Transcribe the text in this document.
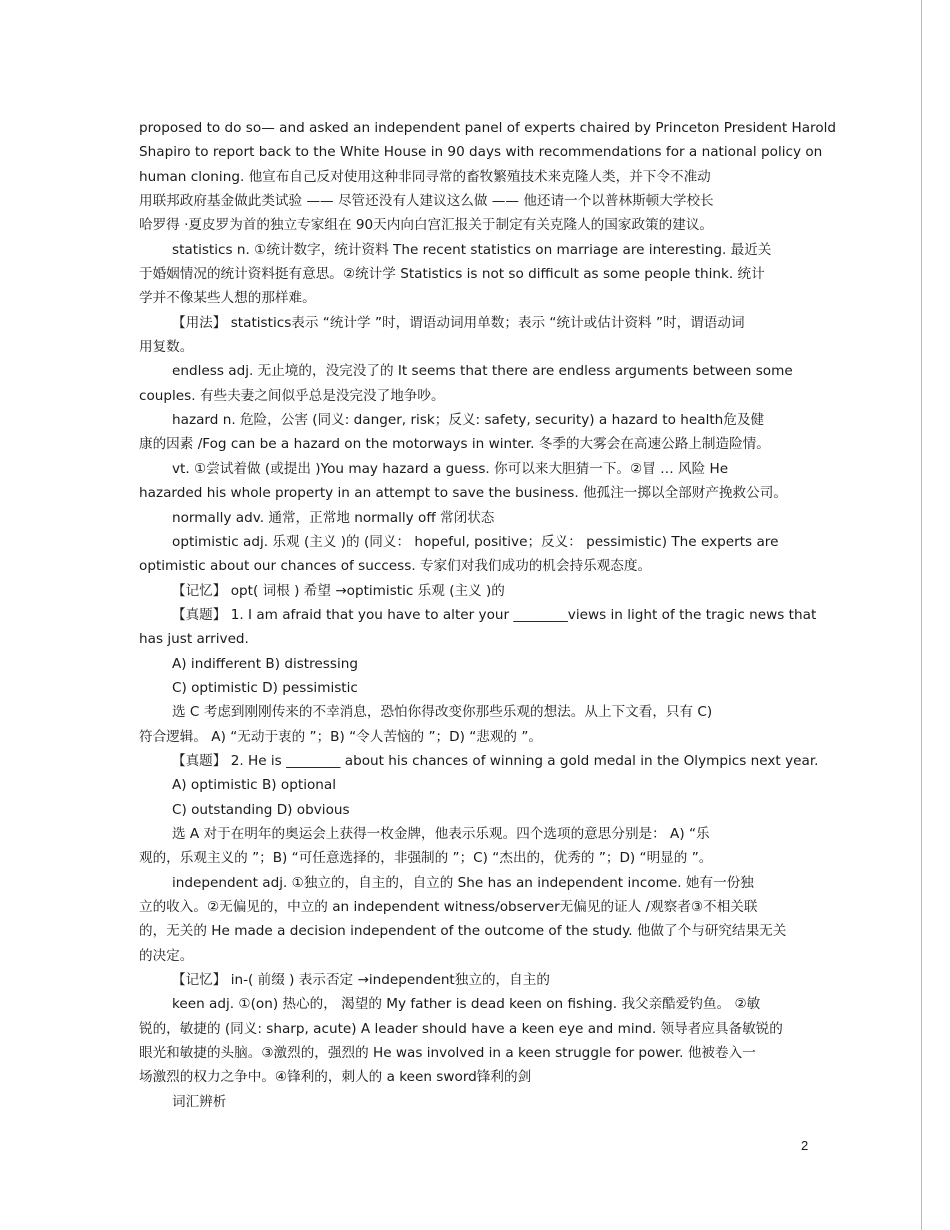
proposed to do so— and asked an independent panel of experts chaired by Princeton President Harold
Shapiro to report back to the White House in 90 days with recommendations for a national policy on
human cloning. 他宣布自己反对使用这种非同寻常的畜牧繁殖技术来克隆人类，并下令不准动
用联邦政府基金做此类试验 —— 尽管还没有人建议这么做 —— 他还请一个以普林斯顿大学校长
哈罗得 ·夏皮罗为首的独立专家组在 90天内向白宫汇报关于制定有关克隆人的国家政策的建议。
statistics n. ①统计数字，统计资料 The recent statistics on marriage are interesting. 最近关
于婚姻情况的统计资料挺有意思。②统计学 Statistics is not so difficult as some people think. 统计
学并不像某些人想的那样难。
【用法】 statistics表示 “统计学 ”时，谓语动词用单数；表示 “统计或估计资料 ”时，谓语动词
用复数。
endless adj. 无止境的，没完没了的 It seems that there are endless arguments between some
couples. 有些夫妻之间似乎总是没完没了地争吵。
hazard n. 危险，公害 (同义: danger, risk；反义: safety, security) a hazard to health危及健
康的因素 /Fog can be a hazard on the motorways in winter. 冬季的大雾会在高速公路上制造险情。
vt. ①尝试着做 (或提出 )You may hazard a guess. 你可以来大胆猜一下。②冒 … 风险 He
hazarded his whole property in an attempt to save the business. 他孤注一掷以全部财产挽救公司。
normally adv. 通常，正常地 normally off 常闭状态
optimistic adj. 乐观 (主义 )的 (同义： hopeful, positive；反义： pessimistic) The experts are
optimistic about our chances of success. 专家们对我们成功的机会持乐观态度。
【记忆】 opt( 词根 ) 希望 →optimistic 乐观 (主义 )的
【真题】 1. I am afraid that you have to alter your ________views in light of the tragic news that
has just arrived.
A) indifferent B) distressing
C) optimistic D) pessimistic
选 C 考虑到刚刚传来的不幸消息，恐怕你得改变你那些乐观的想法。从上下文看，只有 C)
符合逻辑。 A) “无动于衷的 ”；B) “令人苦恼的 ”；D) “悲观的 ”。
【真题】 2. He is ________ about his chances of winning a gold medal in the Olympics next year.
A) optimistic B) optional
C) outstanding D) obvious
选 A 对于在明年的奥运会上获得一枚金牌，他表示乐观。四个选项的意思分别是： A) “乐
观的，乐观主义的 ”；B) “可任意选择的，非强制的 ”；C) “杰出的，优秀的 ”；D) “明显的 ”。
independent adj. ①独立的，自主的，自立的 She has an independent income. 她有一份独
立的收入。②无偏见的，中立的 an independent witness/observer无偏见的证人 /观察者③不相关联
的，无关的 He made a decision independent of the outcome of the study. 他做了个与研究结果无关
的决定。
【记忆】 in-( 前缀 ) 表示否定 →independent独立的，自主的
keen adj. ①(on) 热心的， 渴望的 My father is dead keen on fishing. 我父亲酷爱钓鱼。 ②敏
锐的，敏捷的 (同义: sharp, acute) A leader should have a keen eye and mind. 领导者应具备敏锐的
眼光和敏捷的头脑。③激烈的，强烈的 He was involved in a keen struggle for power. 他被卷入一
场激烈的权力之争中。④锋利的，刺人的 a keen sword锋利的剑
词汇辨析
2
